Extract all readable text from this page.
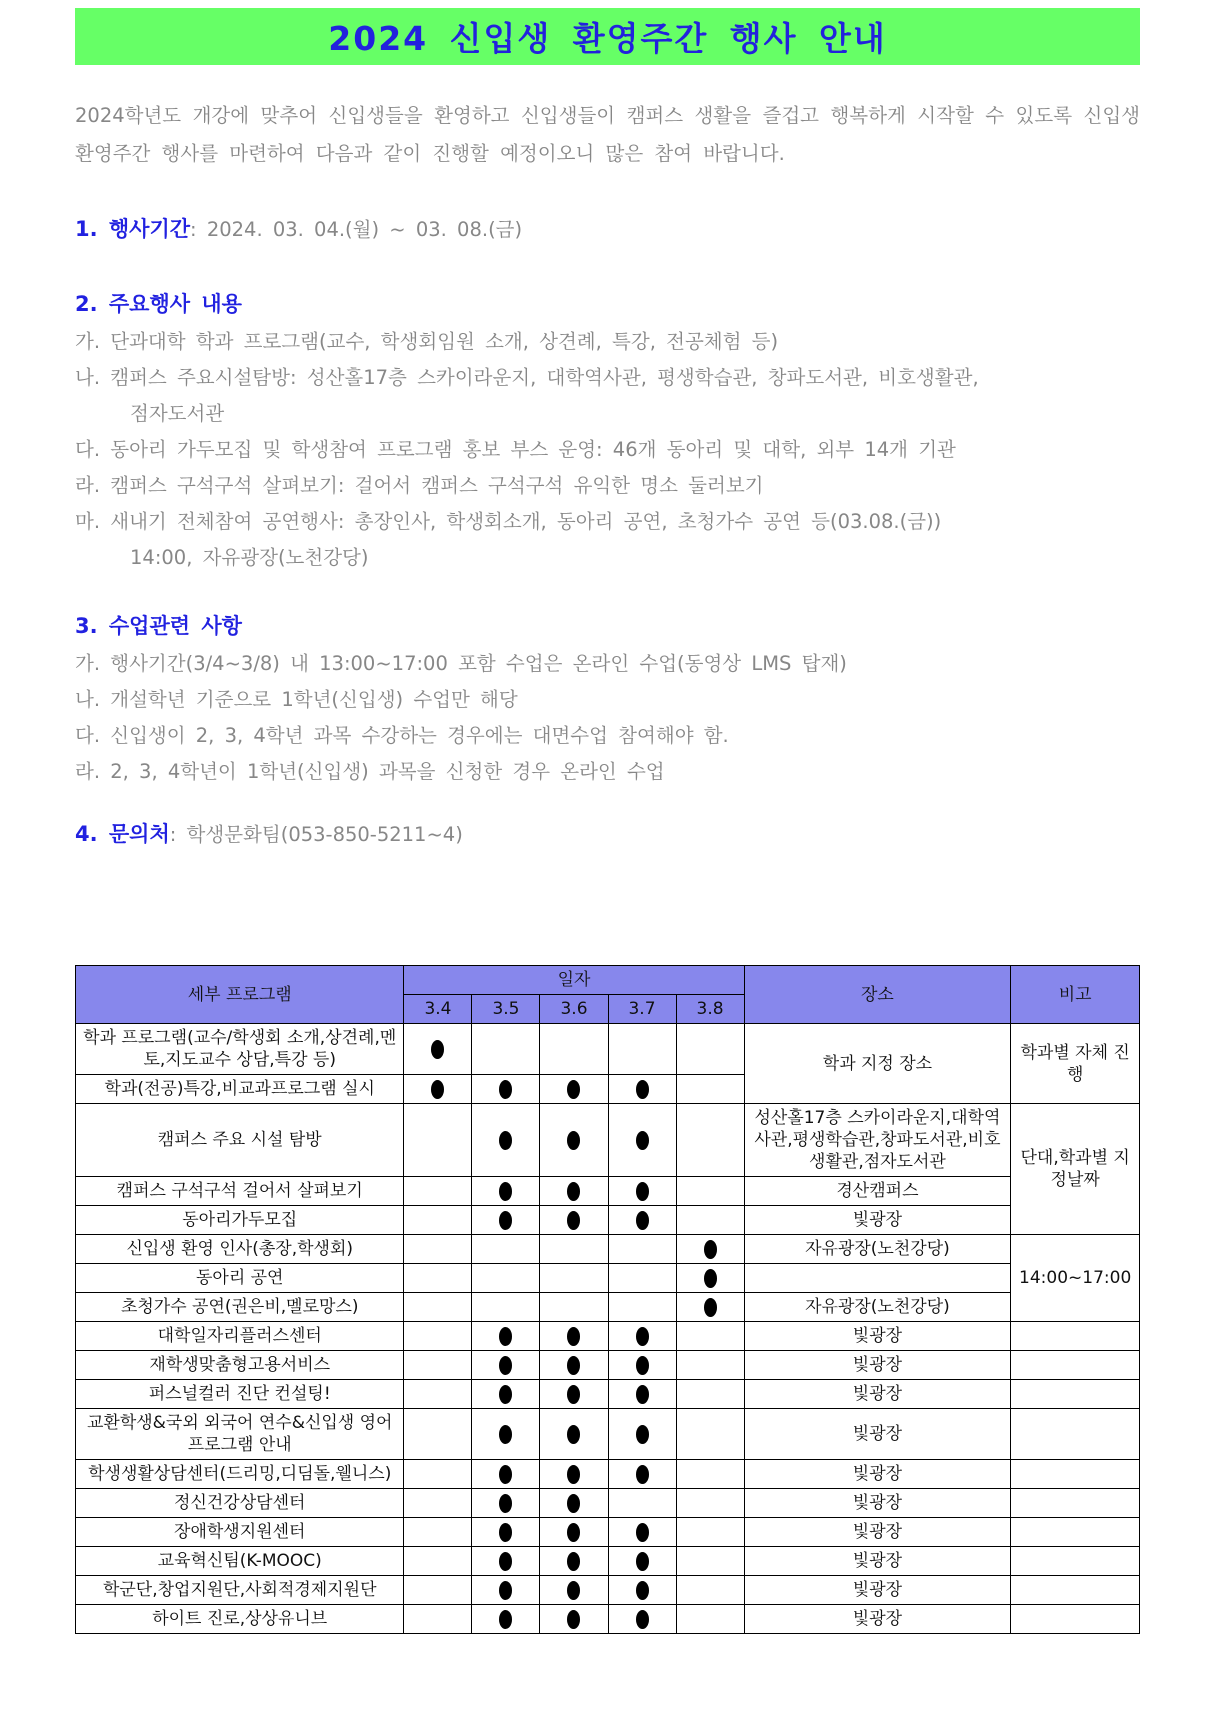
2024 신입생 환영주간 행사 안내

2024학년도 개강에 맞추어 신입생들을 환영하고 신입생들이 캠퍼스 생활을 즐겁고 행복하게 시작할 수 있도록 신입생 환영주간 행사를 마련하여 다음과 같이 진행할 예정이오니 많은 참여 바랍니다.

1. 행사기간: 2024. 03. 04.(월) ~ 03. 08.(금)
2. 주요행사 내용
가. 단과대학 학과 프로그램(교수, 학생회임원 소개, 상견례, 특강, 전공체험 등)
나. 캠퍼스 주요시설탐방: 성산홀17층 스카이라운지, 대학역사관, 평생학습관, 창파도서관, 비호생활관,
점자도서관
다. 동아리 가두모집 및 학생참여 프로그램 홍보 부스 운영: 46개 동아리 및 대학, 외부 14개 기관
라. 캠퍼스 구석구석 살펴보기: 걸어서 캠퍼스 구석구석 유익한 명소 둘러보기
마. 새내기 전체참여 공연행사: 총장인사, 학생회소개, 동아리 공연, 초청가수 공연 등(03.08.(금))
14:00, 자유광장(노천강당)
3. 수업관련 사항
가. 행사기간(3/4~3/8) 내 13:00~17:00 포함 수업은 온라인 수업(동영상 LMS 탑재)
나. 개설학년 기준으로 1학년(신입생) 수업만 해당
다. 신입생이 2, 3, 4학년 과목 수강하는 경우에는 대면수업 참여해야 함.
라. 2, 3, 4학년이 1학년(신입생) 과목을 신청한 경우 온라인 수업
4. 문의처: 학생문화팀(053-850-5211~4)
세부 프로그램	일자					장소	비고
	3.4	3.5	3.6	3.7	3.8		
학과 프로그램(교수/학생회 소개,상견례,멘토,지도교수 상담,특강 등)						학과 지정 장소	학과별 자체 진행
학과(전공)특강,비교과프로그램 실시			

캠퍼스 주요 시설 탐방						성산홀17층 스카이라운지,대학역사관,평생학습관,창파도서관,비호생활관,점자도서관	단대,학과별 지정날짜
캠퍼스 구석구석 걸어서 살펴보기						경산캠퍼스	
동아리가두모집						빛광장	
신입생 환영 인사(총장,학생회)						자유광장(노천강당)	14:00~17:00
동아리 공연						

초청가수 공연(권은비,멜로망스)						자유광장(노천강당)	
대학일자리플러스센터						빛광장	
재학생맞춤형고용서비스						빛광장	
퍼스널컬러 진단 컨설팅!						빛광장	
교환학생&국외 외국어 연수&신입생 영어 프로그램 안내						빛광장	
학생생활상담센터(드리밍,디딤돌,웰니스)						빛광장	
정신건강상담센터						빛광장	
장애학생지원센터						빛광장	
교육혁신팀(K-MOOC)						빛광장	
학군단,창업지원단,사회적경제지원단						빛광장	
하이트 진로,상상유니브						빛광장	
